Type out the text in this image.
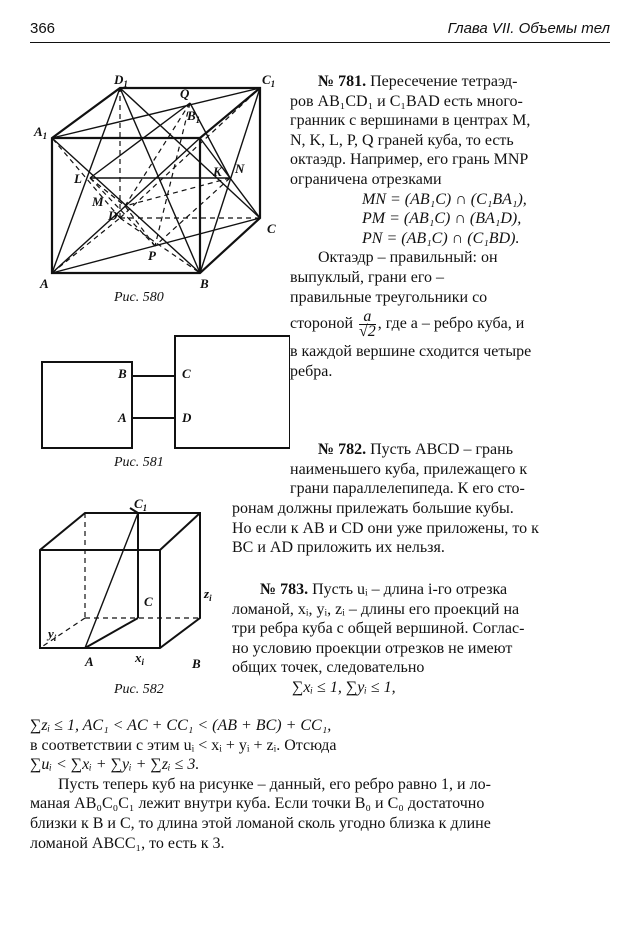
366	Глава VII. Объемы тел
$D_1$	$C_1$
$A_1$
$B_1$
Q
L	K N
M
D
C
P
A	B
Рис. 580
B	C
A	D
Рис. 581
$C_1$
$z_i$
C
$y_i$
A	$x_i$	B
Рис. 582

№ 781. Пересечение тетраэд-

ров AB₁CD₁ и C₁BAD есть много-

гранник с вершинами в центрах M,

N, K, L, P, Q граней куба, то есть

октаэдр. Например, его грань MNP

ограничена отрезками

MN = (AB₁C) ∩ (C₁BA₁),

PM = (AB₁C) ∩ (BA₁D),

PN = (AB₁C) ∩ (C₁BD).

Октаэдр – правильный: он

выпуклый, грани его –

правильные треугольники со

стороной $\frac{a}{√2}$ , где a – ребро куба, и

в каждой вершине сходится четыре

ребра.

№ 782. Пусть ABCD – грань

наименьшего куба, прилежащего к

грани параллелепипеда. К его сто-

ронам должны прилежать большие кубы.

Но если к AB и CD они уже приложены, то к

BC и AD приложить их нельзя.

№ 783. Пусть uᵢ – длина i-го отрезка

ломаной, xᵢ, yᵢ, zᵢ – длины его проекций на

три ребра куба с общей вершиной. Соглас-

но условию проекции отрезков не имеют

общих точек, следовательно

∑xᵢ ≤ 1, ∑yᵢ ≤ 1,

∑zᵢ ≤ 1, AC₁ < AC + CC₁ < (AB + BC) + CC₁,

в соответствии с этим uᵢ < xᵢ + yᵢ + zᵢ. Отсюда

∑uᵢ < ∑xᵢ + ∑yᵢ + ∑zᵢ ≤ 3.

Пусть теперь куб на рисунке – данный, его ребро равно 1, и ло-

маная AB₀C₀C₁ лежит внутри куба. Если точки B₀ и C₀ достаточно

близки к B и C, то длина этой ломаной сколь угодно близка к длине

ломаной ABCC₁, то есть к 3.
